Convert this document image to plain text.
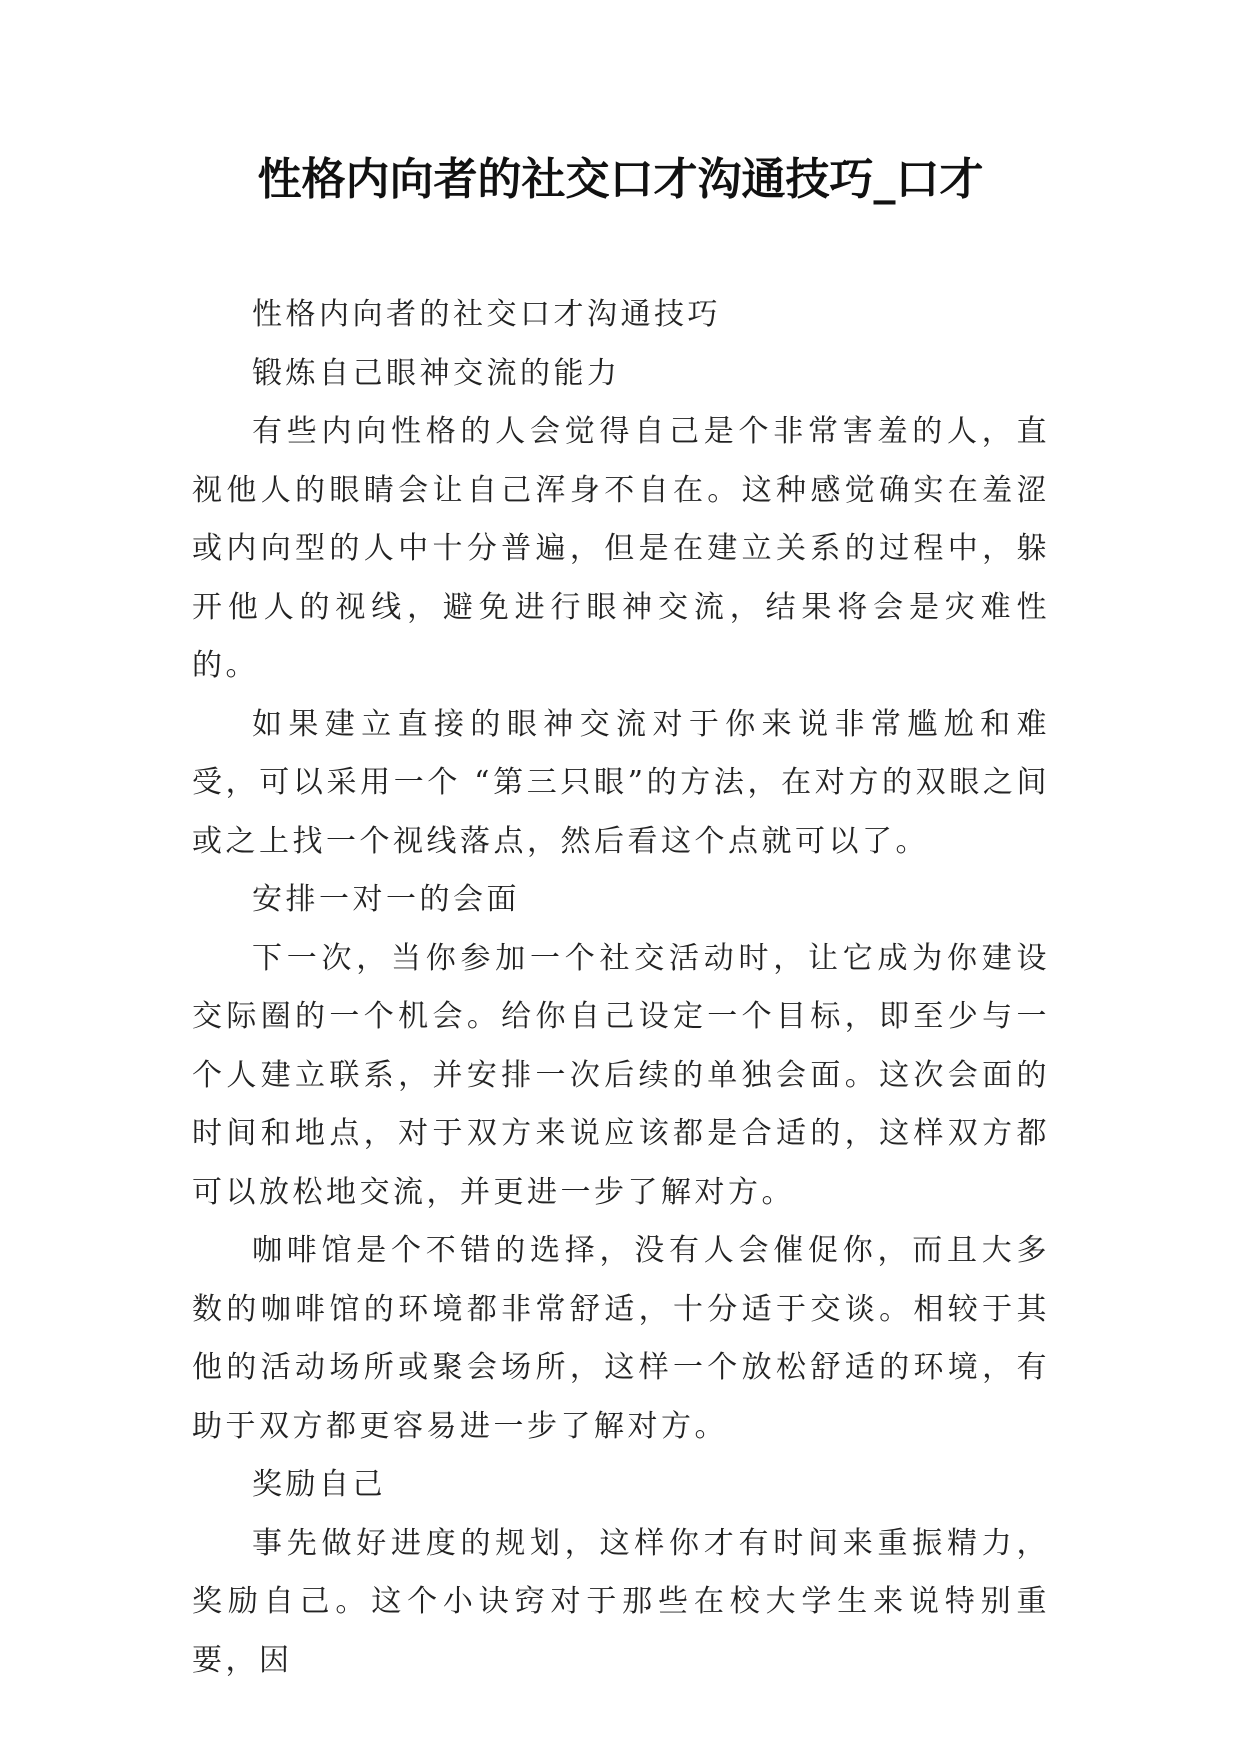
性格内向者的社交口才沟通技巧_口才

性格内向者的社交口才沟通技巧

锻炼自己眼神交流的能力

有些内向性格的人会觉得自己是个非常害羞的人，直视他人的眼睛会让自己浑身不自在。这种感觉确实在羞涩或内向型的人中十分普遍，但是在建立关系的过程中，躲开他人的视线，避免进行眼神交流，结果将会是灾难性的。

如果建立直接的眼神交流对于你来说非常尴尬和难受，可以采用一个 “第三只眼”的方法，在对方的双眼之间或之上找一个视线落点，然后看这个点就可以了。

安排一对一的会面

下一次，当你参加一个社交活动时，让它成为你建设交际圈的一个机会。给你自己设定一个目标，即至少与一个人建立联系，并安排一次后续的单独会面。这次会面的时间和地点，对于双方来说应该都是合适的，这样双方都可以放松地交流，并更进一步了解对方。

咖啡馆是个不错的选择，没有人会催促你，而且大多数的咖啡馆的环境都非常舒适，十分适于交谈。相较于其他的活动场所或聚会场所，这样一个放松舒适的环境，有助于双方都更容易进一步了解对方。

奖励自己

事先做好进度的规划，这样你才有时间来重振精力，奖励自己。这个小诀窍对于那些在校大学生来说特别重要，因
